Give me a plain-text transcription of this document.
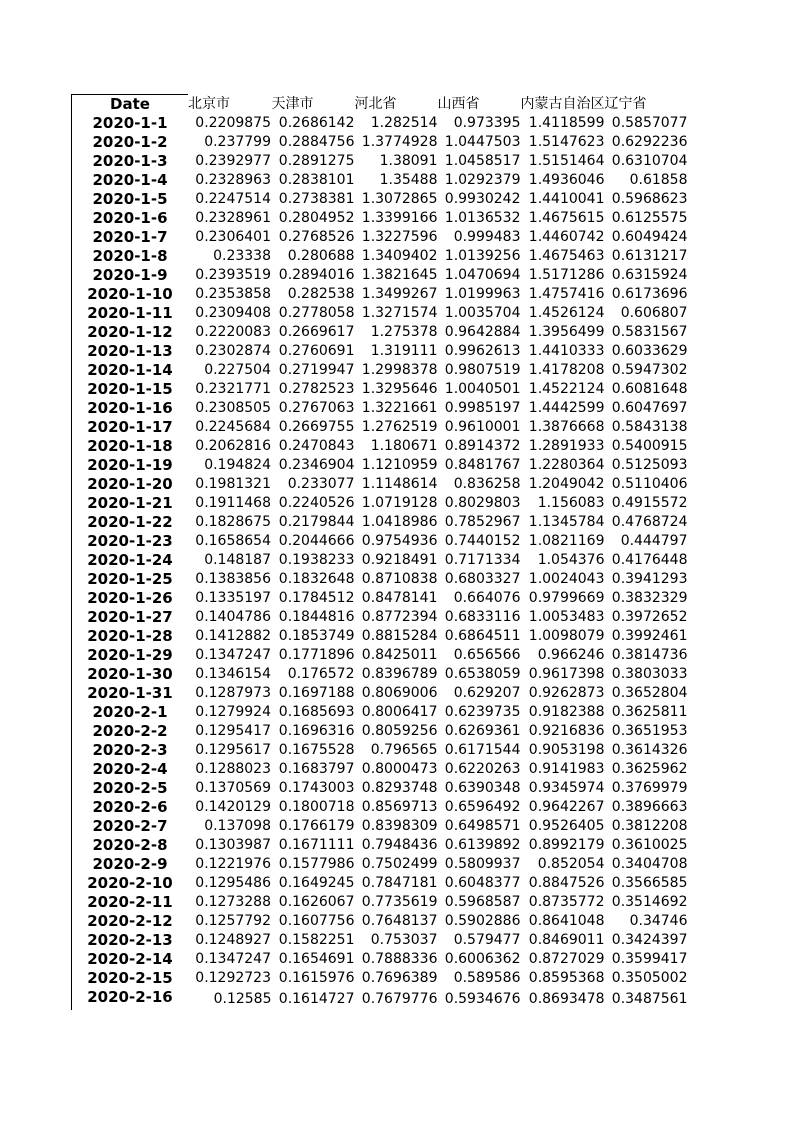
Date	北京市	天津市	河北省	山西省	内蒙古自治区	辽宁省
2020-1-1	0.2209875	0.2686142	1.282514	0.973395	1.4118599	0.5857077
2020-1-2	0.237799	0.2884756	1.3774928	1.0447503	1.5147623	0.6292236
2020-1-3	0.2392977	0.2891275	1.38091	1.0458517	1.5151464	0.6310704
2020-1-4	0.2328963	0.2838101	1.35488	1.0292379	1.4936046	0.61858
2020-1-5	0.2247514	0.2738381	1.3072865	0.9930242	1.4410041	0.5968623
2020-1-6	0.2328961	0.2804952	1.3399166	1.0136532	1.4675615	0.6125575
2020-1-7	0.2306401	0.2768526	1.3227596	0.999483	1.4460742	0.6049424
2020-1-8	0.23338	0.280688	1.3409402	1.0139256	1.4675463	0.6131217
2020-1-9	0.2393519	0.2894016	1.3821645	1.0470694	1.5171286	0.6315924
2020-1-10	0.2353858	0.282538	1.3499267	1.0199963	1.4757416	0.6173696
2020-1-11	0.2309408	0.2778058	1.3271574	1.0035704	1.4526124	0.606807
2020-1-12	0.2220083	0.2669617	1.275378	0.9642884	1.3956499	0.5831567
2020-1-13	0.2302874	0.2760691	1.319111	0.9962613	1.4410333	0.6033629
2020-1-14	0.227504	0.2719947	1.2998378	0.9807519	1.4178208	0.5947302
2020-1-15	0.2321771	0.2782523	1.3295646	1.0040501	1.4522124	0.6081648
2020-1-16	0.2308505	0.2767063	1.3221661	0.9985197	1.4442599	0.6047697
2020-1-17	0.2245684	0.2669755	1.2762519	0.9610001	1.3876668	0.5843138
2020-1-18	0.2062816	0.2470843	1.180671	0.8914372	1.2891933	0.5400915
2020-1-19	0.194824	0.2346904	1.1210959	0.8481767	1.2280364	0.5125093
2020-1-20	0.1981321	0.233077	1.1148614	0.836258	1.2049042	0.5110406
2020-1-21	0.1911468	0.2240526	1.0719128	0.8029803	1.156083	0.4915572
2020-1-22	0.1828675	0.2179844	1.0418986	0.7852967	1.1345784	0.4768724
2020-1-23	0.1658654	0.2044666	0.9754936	0.7440152	1.0821169	0.444797
2020-1-24	0.148187	0.1938233	0.9218491	0.7171334	1.054376	0.4176448
2020-1-25	0.1383856	0.1832648	0.8710838	0.6803327	1.0024043	0.3941293
2020-1-26	0.1335197	0.1784512	0.8478141	0.664076	0.9799669	0.3832329
2020-1-27	0.1404786	0.1844816	0.8772394	0.6833116	1.0053483	0.3972652
2020-1-28	0.1412882	0.1853749	0.8815284	0.6864511	1.0098079	0.3992461
2020-1-29	0.1347247	0.1771896	0.8425011	0.656566	0.966246	0.3814736
2020-1-30	0.1346154	0.176572	0.8396789	0.6538059	0.9617398	0.3803033
2020-1-31	0.1287973	0.1697188	0.8069006	0.629207	0.9262873	0.3652804
2020-2-1	0.1279924	0.1685693	0.8006417	0.6239735	0.9182388	0.3625811
2020-2-2	0.1295417	0.1696316	0.8059256	0.6269361	0.9216836	0.3651953
2020-2-3	0.1295617	0.1675528	0.796565	0.6171544	0.9053198	0.3614326
2020-2-4	0.1288023	0.1683797	0.8000473	0.6220263	0.9141983	0.3625962
2020-2-5	0.1370569	0.1743003	0.8293748	0.6390348	0.9345974	0.3769979
2020-2-6	0.1420129	0.1800718	0.8569713	0.6596492	0.9642267	0.3896663
2020-2-7	0.137098	0.1766179	0.8398309	0.6498571	0.9526405	0.3812208
2020-2-8	0.1303987	0.1671111	0.7948436	0.6139892	0.8992179	0.3610025
2020-2-9	0.1221976	0.1577986	0.7502499	0.5809937	0.852054	0.3404708
2020-2-10	0.1295486	0.1649245	0.7847181	0.6048377	0.8847526	0.3566585
2020-2-11	0.1273288	0.1626067	0.7735619	0.5968587	0.8735772	0.3514692
2020-2-12	0.1257792	0.1607756	0.7648137	0.5902886	0.8641048	0.34746
2020-2-13	0.1248927	0.1582251	0.753037	0.579477	0.8469011	0.3424397
2020-2-14	0.1347247	0.1654691	0.7888336	0.6006362	0.8727029	0.3599417
2020-2-15	0.1292723	0.1615976	0.7696389	0.589586	0.8595368	0.3505002
2020-2-16	0.12585	0.1614727	0.7679776	0.5934676	0.8693478	0.3487561
